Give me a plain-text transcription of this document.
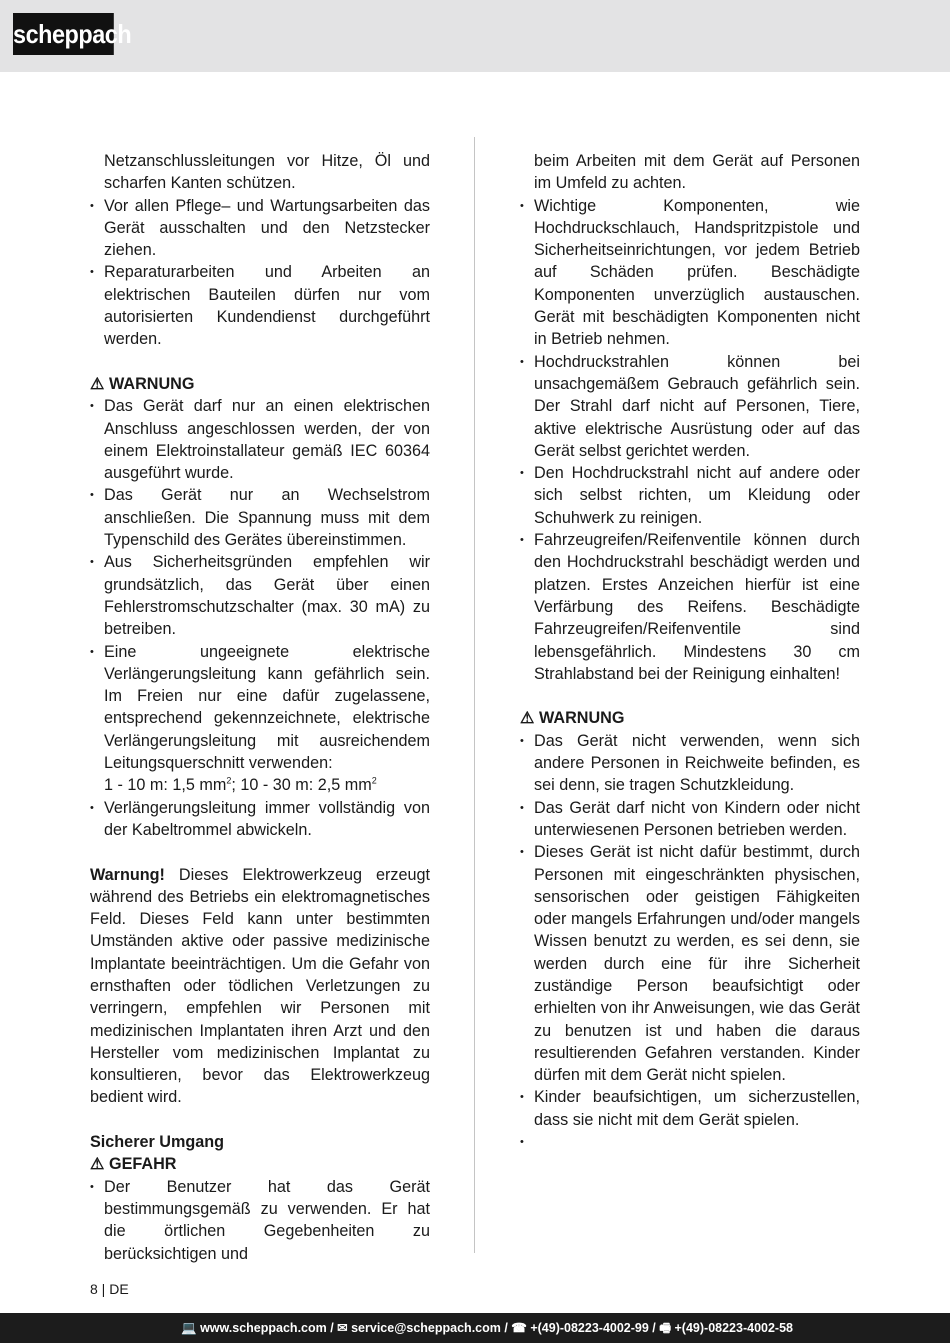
scheppach

Netzanschlussleitungen vor Hitze, Öl und scharfen Kanten schützen.

• Vor allen Pflege– und Wartungsarbeiten das Gerät ausschalten und den Netzstecker ziehen.

• Reparaturarbeiten und Arbeiten an elektrischen Bauteilen dürfen nur vom autorisierten Kundendienst durchgeführt werden.

⚠ WARNUNG

• Das Gerät darf nur an einen elektrischen Anschluss angeschlossen werden, der von einem Elektroinstallateur gemäß IEC 60364 ausgeführt wurde.

• Das Gerät nur an Wechselstrom anschließen. Die Spannung muss mit dem Typenschild des Gerätes übereinstimmen.

• Aus Sicherheitsgründen empfehlen wir grundsätzlich, das Gerät über einen Fehlerstromschutzschalter (max. 30 mA) zu betreiben.

• Eine ungeeignete elektrische Verlängerungsleitung kann gefährlich sein. Im Freien nur eine dafür zugelassene, entsprechend gekennzeichnete, elektrische Verlängerungsleitung mit ausreichendem Leitungsquerschnitt verwenden:

1 - 10 m: 1,5 $mm^2$; 10 - 30 m: 2,5 $mm^2$

• Verlängerungsleitung immer vollständig von der Kabeltrommel abwickeln.

Warnung! Dieses Elektrowerkzeug erzeugt während des Betriebs ein elektromagnetisches Feld. Dieses Feld kann unter bestimmten Umständen aktive oder passive medizinische Implantate beeinträchtigen. Um die Gefahr von ernsthaften oder tödlichen Verletzungen zu verringern, empfehlen wir Personen mit medizinischen Implantaten ihren Arzt und den Hersteller vom medizinischen Implantat zu konsultieren, bevor das Elektrowerkzeug bedient wird.

Sicherer Umgang

⚠ GEFAHR

• Der Benutzer hat das Gerät bestimmungsgemäß zu verwenden. Er hat die örtlichen Gegebenheiten zu berücksichtigen und

beim Arbeiten mit dem Gerät auf Personen im Umfeld zu achten.

• Wichtige Komponenten, wie Hochdruckschlauch, Handspritzpistole und Sicherheitseinrichtungen, vor jedem Betrieb auf Schäden prüfen. Beschädigte Komponenten unverzüglich austauschen. Gerät mit beschädigten Komponenten nicht in Betrieb nehmen.

• Hochdruckstrahlen können bei unsachgemäßem Gebrauch gefährlich sein. Der Strahl darf nicht auf Personen, Tiere, aktive elektrische Ausrüstung oder auf das Gerät selbst gerichtet werden.

• Den Hochdruckstrahl nicht auf andere oder sich selbst richten, um Kleidung oder Schuhwerk zu reinigen.

• Fahrzeugreifen/Reifenventile können durch den Hochdruckstrahl beschädigt werden und platzen. Erstes Anzeichen hierfür ist eine Verfärbung des Reifens. Beschädigte Fahrzeugreifen/Reifenventile sind lebensgefährlich. Mindestens 30 cm Strahlabstand bei der Reinigung einhalten!

⚠ WARNUNG

• Das Gerät nicht verwenden, wenn sich andere Personen in Reichweite befinden, es sei denn, sie tragen Schutzkleidung.

• Das Gerät darf nicht von Kindern oder nicht unterwiesenen Personen betrieben werden.

• Dieses Gerät ist nicht dafür bestimmt, durch Personen mit eingeschränkten physischen, sensorischen oder geistigen Fähigkeiten oder mangels Erfahrungen und/oder mangels Wissen benutzt zu werden, es sei denn, sie werden durch eine für ihre Sicherheit zuständige Person beaufsichtigt oder erhielten von ihr Anweisungen, wie das Gerät zu benutzen ist und haben die daraus resultierenden Gefahren verstanden. Kinder dürfen mit dem Gerät nicht spielen.

• Kinder beaufsichtigen, um sicherzustellen, dass sie nicht mit dem Gerät spielen.

•

8 | DE
💻 www.scheppach.com / ✉ service@scheppach.com / ☎ +(49)-08223-4002-99 / 🖷 +(49)-08223-4002-58
